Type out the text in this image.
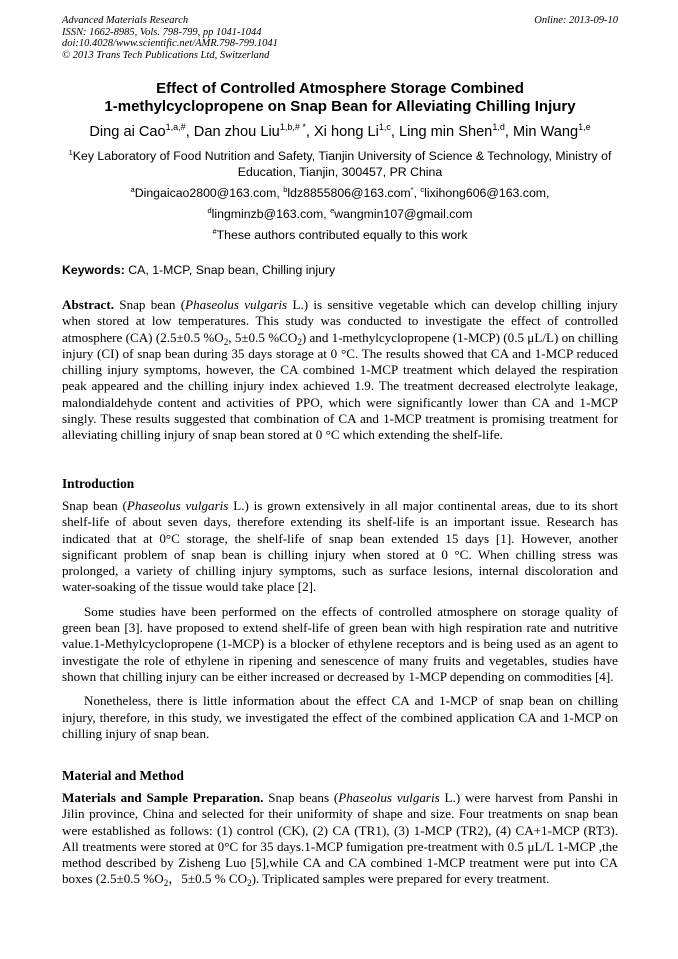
Advanced Materials Research
ISSN: 1662-8985, Vols. 798-799, pp 1041-1044
doi:10.4028/www.scientific.net/AMR.798-799.1041
© 2013 Trans Tech Publications Ltd, Switzerland
Online: 2013-09-10
Effect of Controlled Atmosphere Storage Combined
1-methylcyclopropene on Snap Bean for Alleviating Chilling Injury
Ding ai Cao$^{1,a,\#}$, Dan zhou Liu$^{1,b,\# *}$, Xi hong Li$^{1,c}$, Ling min Shen$^{1,d}$, Min Wang$^{1,e}$
$^1$Key Laboratory of Food Nutrition and Safety, Tianjin University of Science & Technology, Ministry of Education, Tianjin, 300457, PR China
$^a$Dingaicao2800@163.com, $^b$ldz8855806@163.com*, $^c$lixihong606@163.com,
$^d$lingminzb@163.com, $^e$wangmin107@gmail.com
#These authors contributed equally to this work
Keywords: CA, 1-MCP, Snap bean, Chilling injury

Abstract. Snap bean (Phaseolus vulgaris L.) is sensitive vegetable which can develop chilling injury when stored at low temperatures. This study was conducted to investigate the effect of controlled atmosphere (CA) (2.5±0.5 $\%O_2$, 5±0.5 $\%CO_2$) and 1-methylcyclopropene (1-MCP) (0.5 μL/L) on chilling injury (CI) of snap bean during 35 days storage at 0 °C. The results showed that CA and 1-MCP reduced chilling injury symptoms, however, the CA combined 1-MCP treatment which delayed the respiration peak appeared and the chilling injury index achieved 1.9. The treatment decreased electrolyte leakage, malondialdehyde content and activities of PPO, which were significantly lower than CA and 1-MCP singly. These results suggested that combination of CA and 1-MCP treatment is promising treatment for alleviating chilling injury of snap bean stored at 0 °C which extending the shelf-life.

Introduction

Snap bean (Phaseolus vulgaris L.) is grown extensively in all major continental areas, due to its short shelf-life of about seven days, therefore extending its shelf-life is an important issue. Research has indicated that at 0°C storage, the shelf-life of snap bean extended 15 days [1]. However, another significant problem of snap bean is chilling injury when stored at 0 °C. When chilling stress was prolonged, a variety of chilling injury symptoms, such as surface lesions, internal discoloration and water-soaking of the tissue would take place [2].

Some studies have been performed on the effects of controlled atmosphere on storage quality of green bean [3]. have proposed to extend shelf-life of green bean with high respiration rate and nutritive value.1-Methylcyclopropene (1-MCP) is a blocker of ethylene receptors and is being used as an agent to investigate the role of ethylene in ripening and senescence of many fruits and vegetables, studies have shown that chilling injury can be either increased or decreased by 1-MCP depending on commodities [4].

Nonetheless, there is little information about the effect CA and 1-MCP of snap bean on chilling injury, therefore, in this study, we investigated the effect of the combined application CA and 1-MCP on chilling injury of snap bean.

Material and Method

Materials and Sample Preparation. Snap beans (Phaseolus vulgaris L.) were harvest from Panshi in Jilin province, China and selected for their uniformity of shape and size. Four treatments on snap bean were established as follows: (1) control (CK), (2) CA (TR1), (3) 1-MCP (TR2), (4) CA+1-MCP (RT3). All treatments were stored at 0°C for 35 days.1-MCP fumigation pre-treatment with 0.5 μL/L 1-MCP ,the method described by Zisheng Luo [5],while CA and CA combined 1-MCP treatment were put into CA boxes (2.5±0.5 $\%O_2$，5±0.5 % $CO_2$). Triplicated samples were prepared for every treatment.
